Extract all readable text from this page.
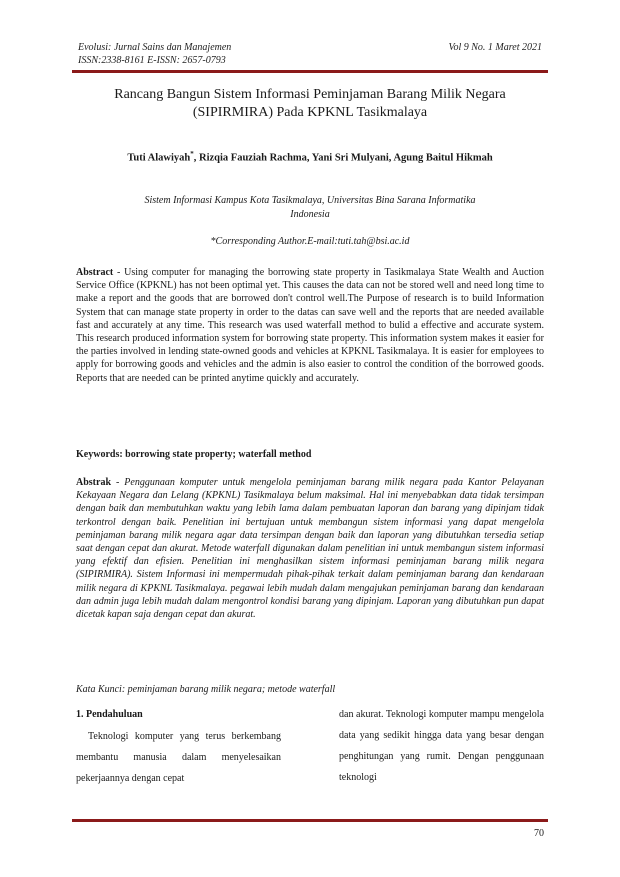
Evolusi: Jurnal Sains dan Manajemen	Vol 9 No. 1 Maret 2021
ISSN:2338-8161 E-ISSN: 2657-0793
Rancang Bangun Sistem Informasi Peminjaman Barang Milik Negara
(SIPIRMIRA) Pada KPKNL Tasikmalaya
Tuti Alawiyah*, Rizqia Fauziah Rachma, Yani Sri Mulyani, Agung Baitul Hikmah
Sistem Informasi Kampus Kota Tasikmalaya, Universitas Bina Sarana Informatika
Indonesia
*Corresponding Author.E-mail:tuti.tah@bsi.ac.id
Abstract - Using computer for managing the borrowing state property in Tasikmalaya State Wealth and Auction Service Office (KPKNL) has not been optimal yet. This causes the data can not be stored well and need long time to make a report and the goods that are borrowed don't control well.The Purpose of research is to build Information System that can manage state property in order to the datas can save well and the reports that are needed available fast and accurately at any time. This research was used waterfall method to bulid a effective and accurate system. This research produced information system for borrowing state property. This information system makes it easier for the parties involved in lending state-owned goods and vehicles at KPKNL Tasikmalaya. It is easier for employees to apply for borrowing goods and vehicles and the admin is also easier to control the condition of the borrowed goods. Reports that are needed can be printed anytime quickly and accurately.
Keywords: borrowing state property; waterfall method
Abstrak - Penggunaan komputer untuk mengelola peminjaman barang milik negara pada Kantor Pelayanan Kekayaan Negara dan Lelang (KPKNL) Tasikmalaya belum maksimal. Hal ini menyebabkan data tidak tersimpan dengan baik dan membutuhkan waktu yang lebih lama dalam pembuatan laporan dan barang yang dipinjam tidak terkontrol dengan baik. Penelitian ini bertujuan untuk membangun sistem informasi yang dapat mengelola peminjaman barang milik negara agar data tersimpan dengan baik dan laporan yang dibutuhkan tersedia setiap saat dengan cepat dan akurat. Metode waterfall digunakan dalam penelitian ini untuk membangun sistem informasi yang efektif dan efisien. Penelitian ini menghasilkan sistem informasi peminjaman barang milik negara (SIPIRMIRA). Sistem Informasi ini mempermudah pihak-pihak terkait dalam peminjaman barang dan kendaraan milik negara di KPKNL Tasikmalaya. pegawai lebih mudah dalam mengajukan peminjaman barang dan kendaraan dan admin juga lebih mudah dalam mengontrol kondisi barang yang dipinjam. Laporan yang dibutuhkan pun dapat dicetak kapan saja dengan cepat dan akurat.
Kata Kunci: peminjaman barang milik negara; metode waterfall
1. Pendahuluan
Teknologi komputer yang terus berkembang membantu manusia dalam menyelesaikan pekerjaannya dengan cepat
dan akurat. Teknologi komputer mampu mengelola data yang sedikit hingga data yang besar dengan penghitungan yang rumit. Dengan penggunaan teknologi
70
